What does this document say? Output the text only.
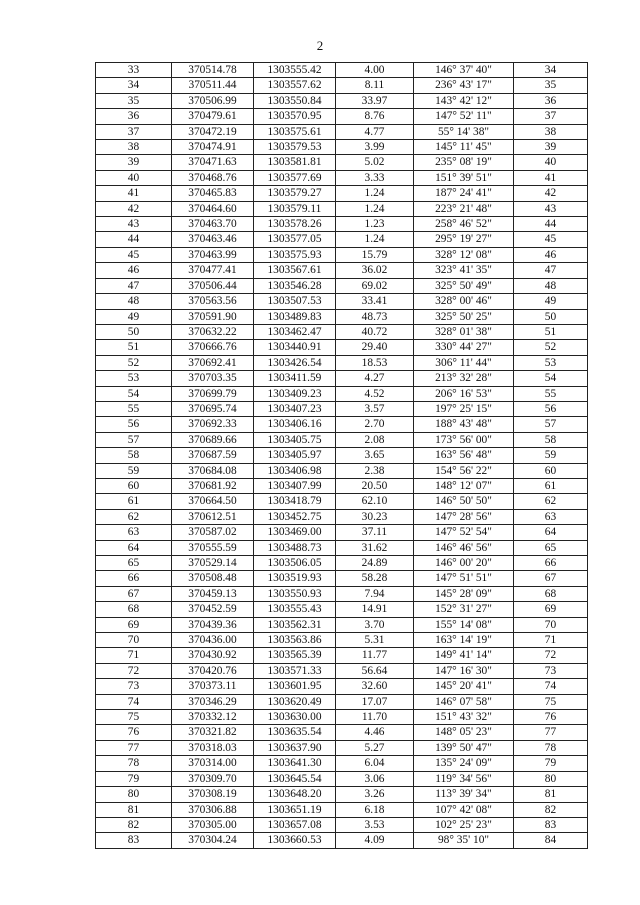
2
33	370514.78	1303555.42	4.00	146° 37' 40"	34
34	370511.44	1303557.62	8.11	236° 43' 17"	35
35	370506.99	1303550.84	33.97	143° 42' 12"	36
36	370479.61	1303570.95	8.76	147° 52' 11"	37
37	370472.19	1303575.61	4.77	55° 14' 38"	38
38	370474.91	1303579.53	3.99	145° 11' 45"	39
39	370471.63	1303581.81	5.02	235° 08' 19"	40
40	370468.76	1303577.69	3.33	151° 39' 51"	41
41	370465.83	1303579.27	1.24	187° 24' 41"	42
42	370464.60	1303579.11	1.24	223° 21' 48"	43
43	370463.70	1303578.26	1.23	258° 46' 52"	44
44	370463.46	1303577.05	1.24	295° 19' 27"	45
45	370463.99	1303575.93	15.79	328° 12' 08"	46
46	370477.41	1303567.61	36.02	323° 41' 35"	47
47	370506.44	1303546.28	69.02	325° 50' 49"	48
48	370563.56	1303507.53	33.41	328° 00' 46"	49
49	370591.90	1303489.83	48.73	325° 50' 25"	50
50	370632.22	1303462.47	40.72	328° 01' 38"	51
51	370666.76	1303440.91	29.40	330° 44' 27"	52
52	370692.41	1303426.54	18.53	306° 11' 44"	53
53	370703.35	1303411.59	4.27	213° 32' 28"	54
54	370699.79	1303409.23	4.52	206° 16' 53"	55
55	370695.74	1303407.23	3.57	197° 25' 15"	56
56	370692.33	1303406.16	2.70	188° 43' 48"	57
57	370689.66	1303405.75	2.08	173° 56' 00"	58
58	370687.59	1303405.97	3.65	163° 56' 48"	59
59	370684.08	1303406.98	2.38	154° 56' 22"	60
60	370681.92	1303407.99	20.50	148° 12' 07"	61
61	370664.50	1303418.79	62.10	146° 50' 50"	62
62	370612.51	1303452.75	30.23	147° 28' 56"	63
63	370587.02	1303469.00	37.11	147° 52' 54"	64
64	370555.59	1303488.73	31.62	146° 46' 56"	65
65	370529.14	1303506.05	24.89	146° 00' 20"	66
66	370508.48	1303519.93	58.28	147° 51' 51"	67
67	370459.13	1303550.93	7.94	145° 28' 09"	68
68	370452.59	1303555.43	14.91	152° 31' 27"	69
69	370439.36	1303562.31	3.70	155° 14' 08"	70
70	370436.00	1303563.86	5.31	163° 14' 19"	71
71	370430.92	1303565.39	11.77	149° 41' 14"	72
72	370420.76	1303571.33	56.64	147° 16' 30"	73
73	370373.11	1303601.95	32.60	145° 20' 41"	74
74	370346.29	1303620.49	17.07	146° 07' 58"	75
75	370332.12	1303630.00	11.70	151° 43' 32"	76
76	370321.82	1303635.54	4.46	148° 05' 23"	77
77	370318.03	1303637.90	5.27	139° 50' 47"	78
78	370314.00	1303641.30	6.04	135° 24' 09"	79
79	370309.70	1303645.54	3.06	119° 34' 56"	80
80	370308.19	1303648.20	3.26	113° 39' 34"	81
81	370306.88	1303651.19	6.18	107° 42' 08"	82
82	370305.00	1303657.08	3.53	102° 25' 23"	83
83	370304.24	1303660.53	4.09	98° 35' 10"	84
